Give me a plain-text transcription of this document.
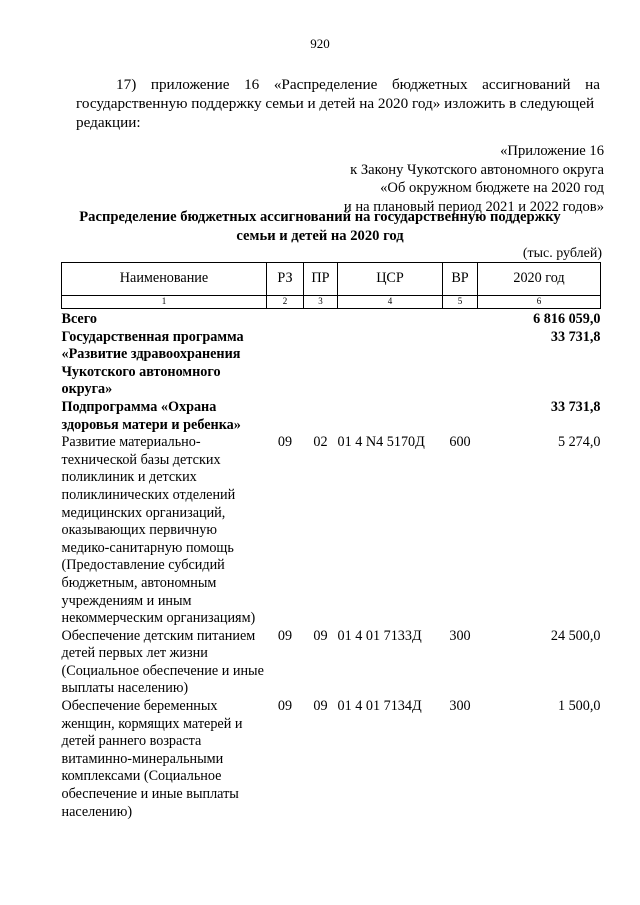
920
17) приложение 16 «Распределение бюджетных ассигнований на
государственную поддержку семьи и детей на 2020 год» изложить в следующей
редакции:
«Приложение 16
к Закону Чукотского автономного округа
«Об окружном бюджете на 2020 год
и на плановый период 2021 и 2022 годов»
Распределение бюджетных ассигнований на государственную поддержку
семьи и детей на 2020 год
(тыс. рублей)
Наименование	РЗ	ПР	ЦСР	ВР	2020 год
1	2	3	4	5	6
Всего					6 816 059,0
Государственная программа «Развитие здравоохранения Чукотского автономного округа»					33 731,8
Подпрограмма «Охрана здоровья матери и ребенка»					33 731,8
Развитие материально-технической базы детских поликлиник и детских поликлинических отделений медицинских организаций, оказывающих первичную медико-санитарную помощь (Предоставление субсидий бюджетным, автономным учреждениям и иным некоммерческим организациям)	09	02	01 4 N4 5170Д	600	5 274,0
Обеспечение детским питанием детей первых лет жизни (Социальное обеспечение и иные выплаты населению)	09	09	01 4 01 7133Д	300	24 500,0
Обеспечение беременных женщин, кормящих матерей и детей раннего возраста витаминно-минеральными комплексами (Социальное обеспечение и иные выплаты населению)	09	09	01 4 01 7134Д	300	1 500,0
